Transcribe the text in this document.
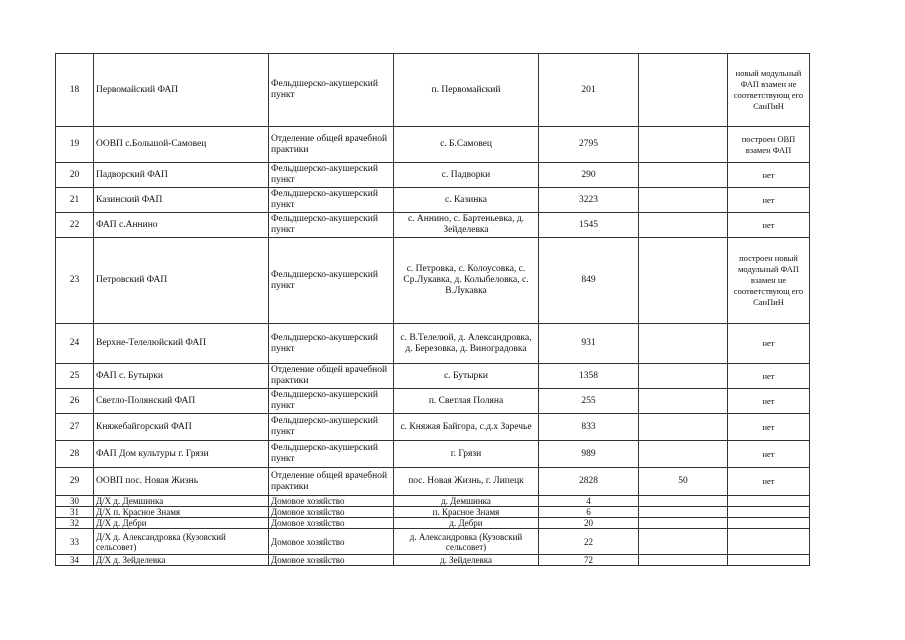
18	Первомайский ФАП	Фельдшерско-акушерский пункт	п. Первомайский	201		новый модульный ФАП взамен не соответствующ его СанПиН
19	ООВП с.Большой-Самовец	Отделение общей врачебной практики	с. Б.Самовец	2795		построен ОВП взамен ФАП
20	Падворский ФАП	Фельдшерско-акушерский пункт	с. Падворки	290		нет
21	Казинский ФАП	Фельдшерско-акушерский пункт	с. Казинка	3223		нет
22	ФАП с.Аннино	Фельдшерско-акушерский пункт	с. Аннино, с. Бартеньевка, д. Зейделевка	1545		нет
23	Петровский ФАП	Фельдшерско-акушерский пункт	с. Петровка, с. Колоусовка, с. Ср.Лукавка, д. Колыбеловка, с. В.Лукавка	849		построен новый модульный ФАП взамен не соответствующ его СанПиН
24	Верхне-Телелюйский ФАП	Фельдшерско-акушерский пункт	с. В.Телелюй, д. Александровка, д. Березовка, д. Виноградовка	931		нет
25	ФАП с. Бутырки	Отделение общей врачебной практики	с. Бутырки	1358		нет
26	Светло-Полянский ФАП	Фельдшерско-акушерский пункт	п. Светлая Поляна	255		нет
27	Княжебайгорский ФАП	Фельдшерско-акушерский пункт	с. Княжая Байгора, с.д.х Заречье	833		нет
28	ФАП Дом культуры г. Грязи	Фельдшерско-акушерский пункт	г. Грязи	989		нет
29	ООВП пос. Новая Жизнь	Отделение общей врачебной практики	пос. Новая Жизнь, г. Липецк	2828	50	нет
30	Д/Х д. Демшинка	Домовое хозяйство	д. Демшинка	4		
31	Д/Х п. Красное Знамя	Домовое хозяйство	п. Красное Знамя	6		
32	Д/Х д. Дебри	Домовое хозяйство	д. Дебри	20		
33	Д/Х д. Александровка (Кузовский сельсовет)	Домовое хозяйство	д. Александровка (Кузовский сельсовет)	22		
34	Д/Х д. Зейделевка	Домовое хозяйство	д. Зейделевка	72		
